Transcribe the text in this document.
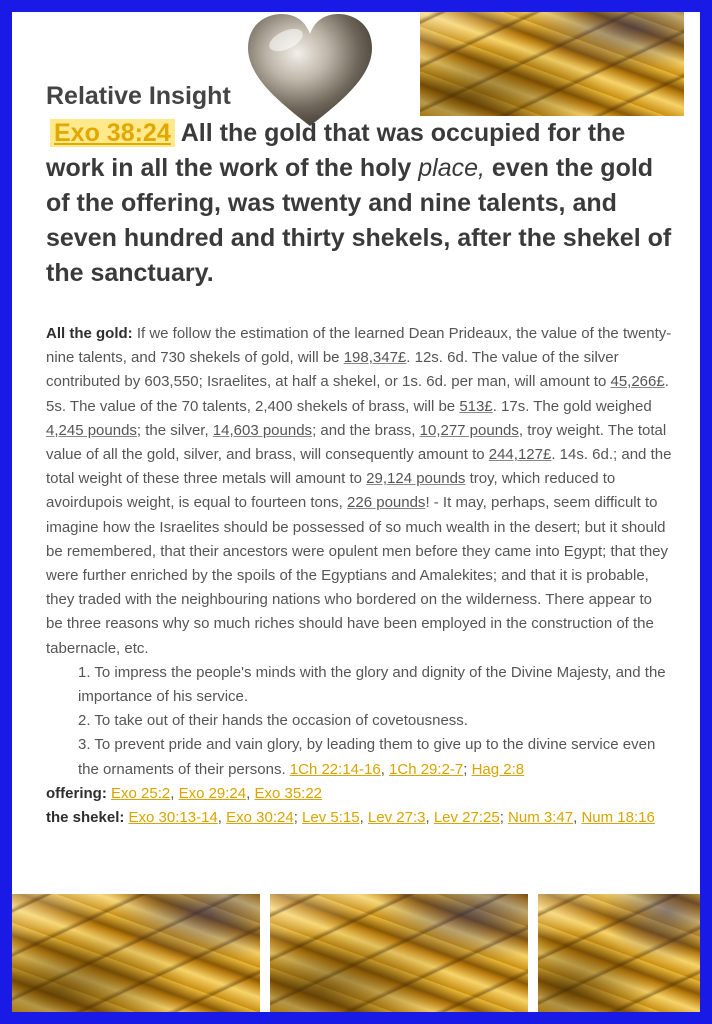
Relative Insight

Exo 38:24 All the gold that was occupied for the work in all the work of the holy place, even the gold of the offering, was twenty and nine talents, and seven hundred and thirty shekels, after the shekel of the sanctuary.

All the gold: If we follow the estimation of the learned Dean Prideaux, the value of the twenty-nine talents, and 730 shekels of gold, will be 198,347£. 12s. 6d. The value of the silver contributed by 603,550; Israelites, at half a shekel, or 1s. 6d. per man, will amount to 45,266£. 5s. The value of the 70 talents, 2,400 shekels of brass, will be 513£. 17s. The gold weighed 4,245 pounds; the silver, 14,603 pounds; and the brass, 10,277 pounds, troy weight. The total value of all the gold, silver, and brass, will consequently amount to 244,127£. 14s. 6d.; and the total weight of these three metals will amount to 29,124 pounds troy, which reduced to avoirdupois weight, is equal to fourteen tons, 226 pounds! - It may, perhaps, seem difficult to imagine how the Israelites should be possessed of so much wealth in the desert; but it should be remembered, that their ancestors were opulent men before they came into Egypt; that they were further enriched by the spoils of the Egyptians and Amalekites; and that it is probable, they traded with the neighbouring nations who bordered on the wilderness. There appear to be three reasons why so much riches should have been employed in the construction of the tabernacle, etc.

1. To impress the people's minds with the glory and dignity of the Divine Majesty, and the importance of his service.
2. To take out of their hands the occasion of covetousness.
3. To prevent pride and vain glory, by leading them to give up to the divine service even the ornaments of their persons. 1Ch 22:14-16, 1Ch 29:2-7; Hag 2:8

offering: Exo 25:2, Exo 29:24, Exo 35:22

the shekel: Exo 30:13-14, Exo 30:24; Lev 5:15, Lev 27:3, Lev 27:25; Num 3:47, Num 18:16
